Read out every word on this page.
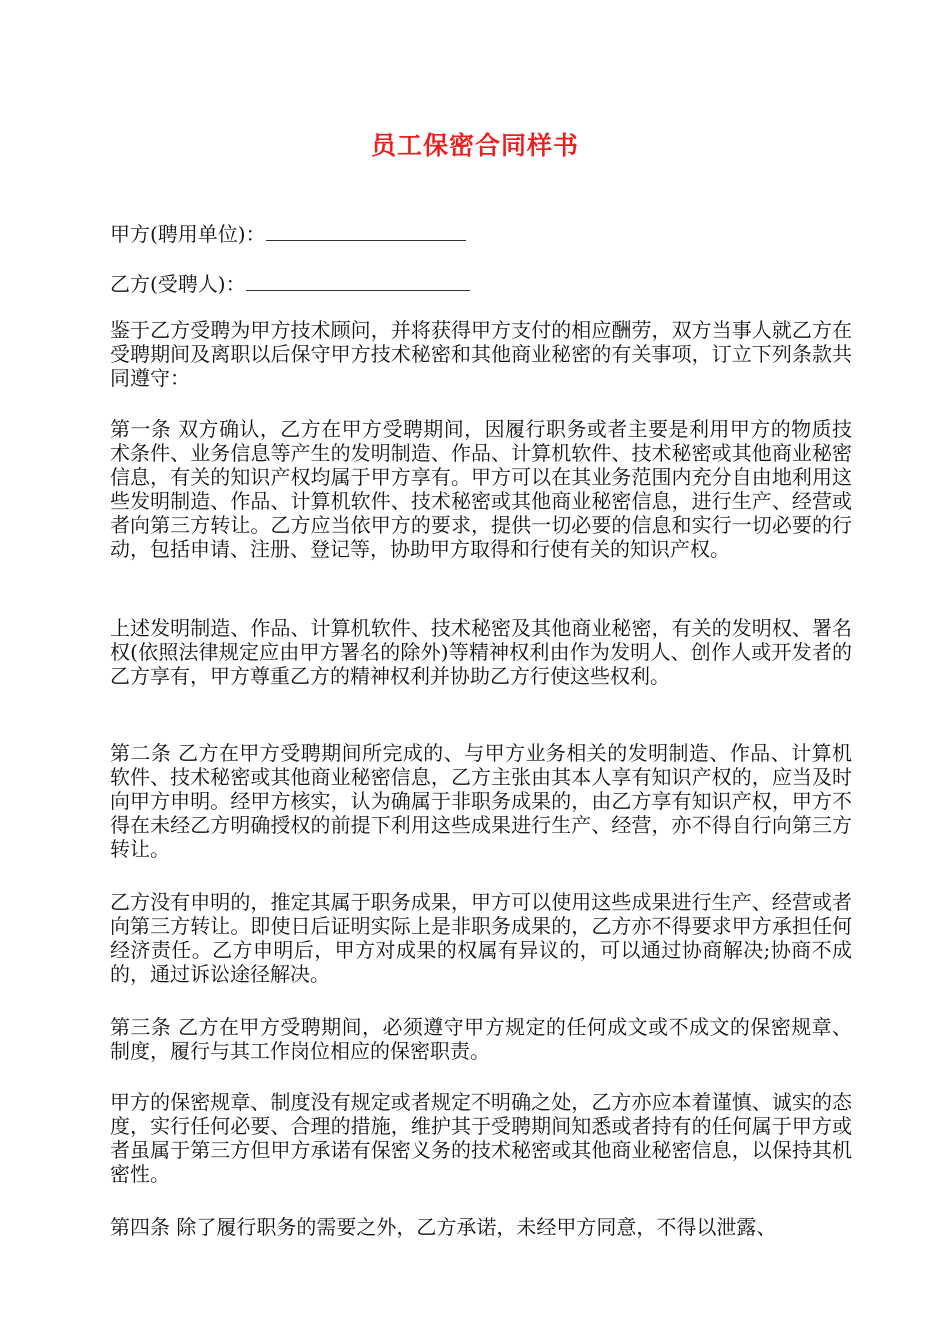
员工保密合同样书
甲方(聘用单位)：
乙方(受聘人)：
鉴于乙方受聘为甲方技术顾问，并将获得甲方支付的相应酬劳，双方当事人就乙方在受聘期间及离职以后保守甲方技术秘密和其他商业秘密的有关事项，订立下列条款共同遵守：
第一条 双方确认，乙方在甲方受聘期间，因履行职务或者主要是利用甲方的物质技术条件、业务信息等产生的发明制造、作品、计算机软件、技术秘密或其他商业秘密信息，有关的知识产权均属于甲方享有。甲方可以在其业务范围内充分自由地利用这些发明制造、作品、计算机软件、技术秘密或其他商业秘密信息，进行生产、经营或者向第三方转让。乙方应当依甲方的要求，提供一切必要的信息和实行一切必要的行动，包括申请、注册、登记等，协助甲方取得和行使有关的知识产权。
上述发明制造、作品、计算机软件、技术秘密及其他商业秘密，有关的发明权、署名权(依照法律规定应由甲方署名的除外)等精神权利由作为发明人、创作人或开发者的乙方享有，甲方尊重乙方的精神权利并协助乙方行使这些权利。
第二条 乙方在甲方受聘期间所完成的、与甲方业务相关的发明制造、作品、计算机软件、技术秘密或其他商业秘密信息，乙方主张由其本人享有知识产权的，应当及时向甲方申明。经甲方核实，认为确属于非职务成果的，由乙方享有知识产权，甲方不得在未经乙方明确授权的前提下利用这些成果进行生产、经营，亦不得自行向第三方转让。
乙方没有申明的，推定其属于职务成果，甲方可以使用这些成果进行生产、经营或者向第三方转让。即使日后证明实际上是非职务成果的，乙方亦不得要求甲方承担任何经济责任。乙方申明后，甲方对成果的权属有异议的，可以通过协商解决;协商不成的，通过诉讼途径解决。
第三条 乙方在甲方受聘期间，必须遵守甲方规定的任何成文或不成文的保密规章、制度，履行与其工作岗位相应的保密职责。
甲方的保密规章、制度没有规定或者规定不明确之处，乙方亦应本着谨慎、诚实的态度，实行任何必要、合理的措施，维护其于受聘期间知悉或者持有的任何属于甲方或者虽属于第三方但甲方承诺有保密义务的技术秘密或其他商业秘密信息，以保持其机密性。
第四条 除了履行职务的需要之外，乙方承诺，未经甲方同意，不得以泄露、
